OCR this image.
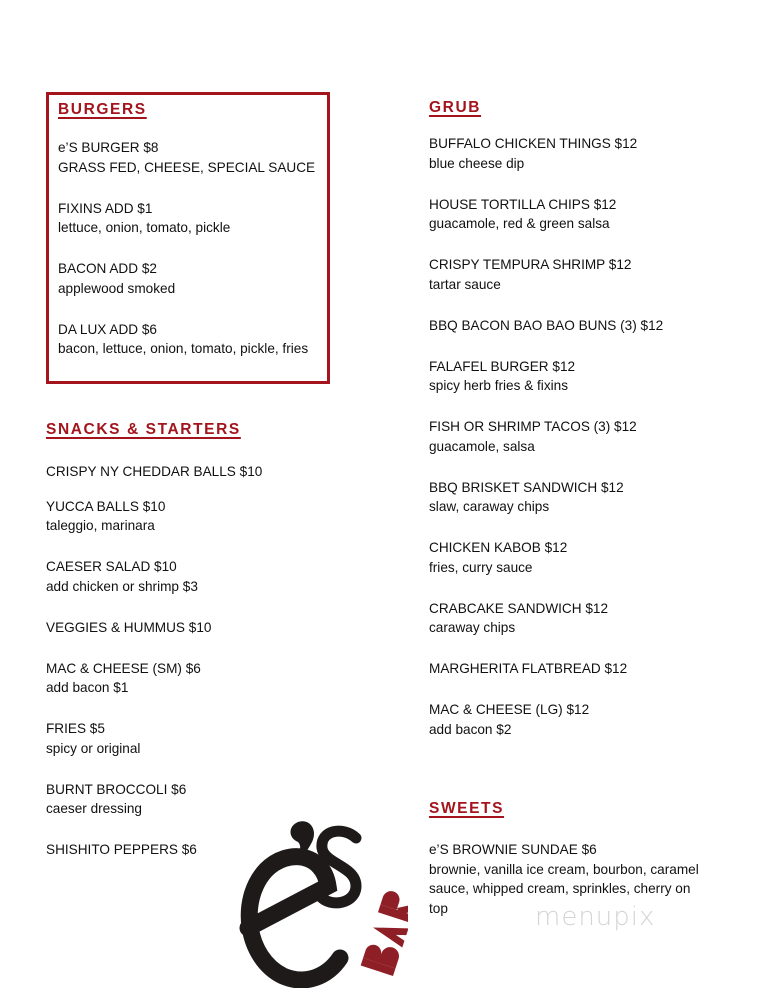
BURGERS
e’S BURGER $8
GRASS FED, CHEESE, SPECIAL SAUCE
FIXINS ADD $1
lettuce, onion, tomato, pickle
BACON ADD $2
applewood smoked
DA LUX ADD $6
bacon, lettuce, onion, tomato, pickle, fries
SNACKS & STARTERS
CRISPY NY CHEDDAR BALLS $10
YUCCA BALLS $10
taleggio, marinara
CAESER SALAD $10
add chicken or shrimp $3
VEGGIES & HUMMUS $10
MAC & CHEESE (SM) $6
add bacon $1
FRIES $5
spicy or original
BURNT BROCCOLI $6
caeser dressing
SHISHITO PEPPERS $6
GRUB
BUFFALO CHICKEN THINGS $12
blue cheese dip
HOUSE TORTILLA CHIPS $12
guacamole, red & green salsa
CRISPY TEMPURA SHRIMP $12
tartar sauce
BBQ BACON BAO BAO BUNS (3) $12
FALAFEL BURGER $12
spicy herb fries & fixins
FISH OR SHRIMP TACOS (3) $12
guacamole, salsa
BBQ BRISKET SANDWICH $12
slaw, caraway chips
CHICKEN KABOB $12
fries, curry sauce
CRABCAKE SANDWICH $12
caraway chips
MARGHERITA FLATBREAD $12
MAC & CHEESE (LG) $12
add bacon $2
SWEETS
e’S BROWNIE SUNDAE $6
brownie, vanilla ice cream, bourbon, caramel
sauce, whipped cream, sprinkles, cherry on
top	menupix
